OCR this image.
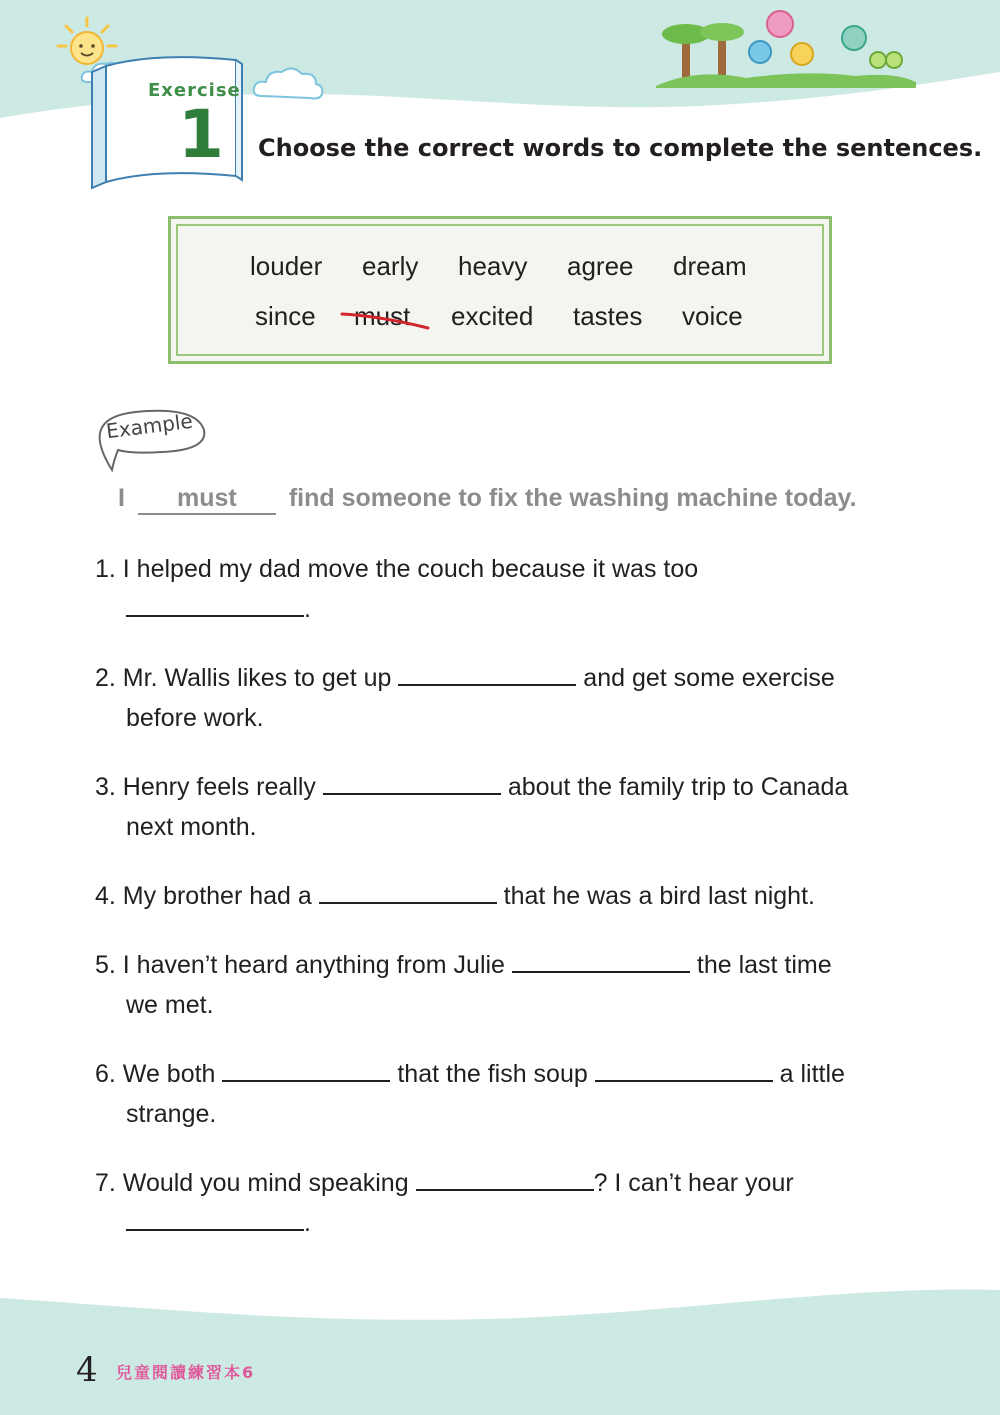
Exercise
1 Choose the correct words to complete the sentences.
louder early heavy agree dream
since must excited tastes voice
Example
I must find someone to fix the washing machine today.
1. I helped my dad move the couch because it was too
.
2. Mr. Wallis likes to get up	and get some exercise
before work.
3. Henry feels really	about the family trip to Canada
next month.
4. My brother had a	that he was a bird last night.
5. I haven’t heard anything from Julie	the last time
we met.
6. We both	that the fish soup	a little
strange.
7. Would you mind speaking	? I can’t hear your
.
4 兒童閱讀練習本6
